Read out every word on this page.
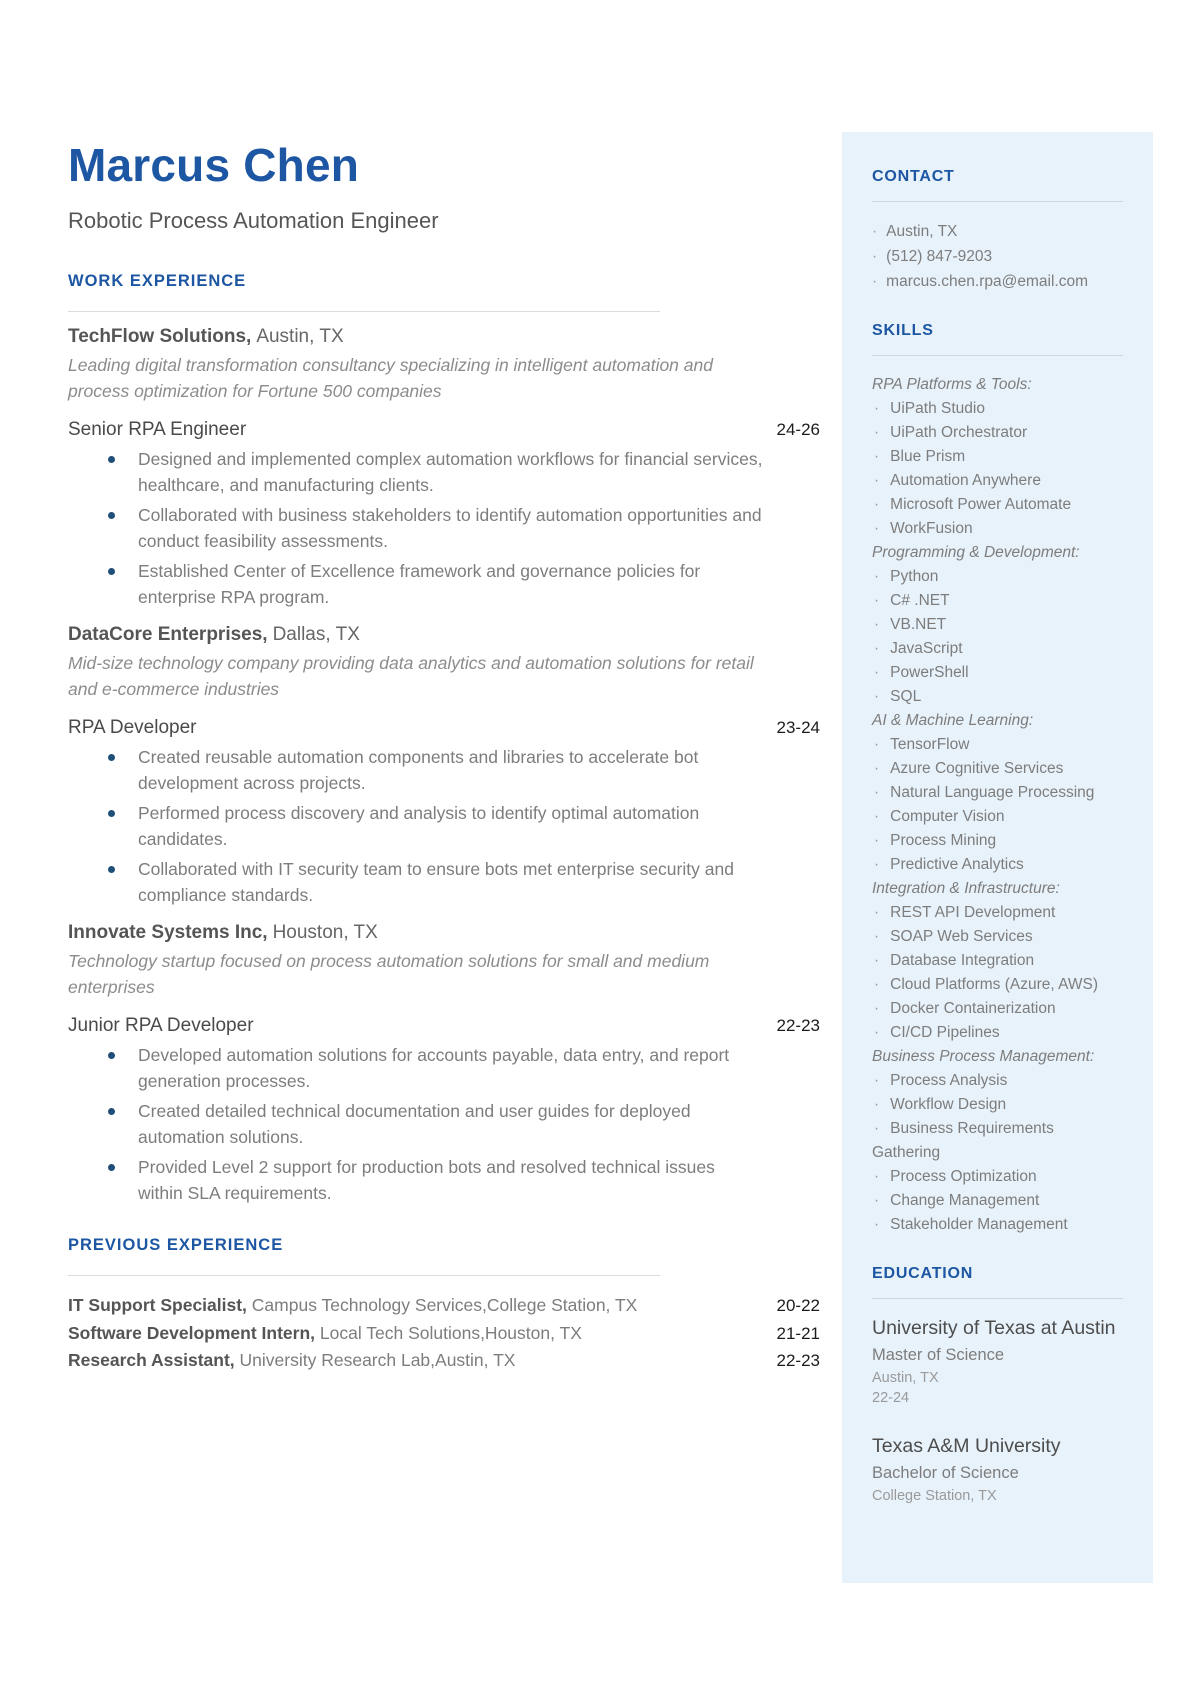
Marcus Chen
Robotic Process Automation Engineer
WORK EXPERIENCE
TechFlow Solutions, Austin, TX

Leading digital transformation consultancy specializing in intelligent automation and process optimization for Fortune 500 companies

Senior RPA Engineer	24-26
Designed and implemented complex automation workflows for financial services, healthcare, and manufacturing clients.
Collaborated with business stakeholders to identify automation opportunities and conduct feasibility assessments.
Established Center of Excellence framework and governance policies for enterprise RPA program.
DataCore Enterprises, Dallas, TX

Mid-size technology company providing data analytics and automation solutions for retail and e-commerce industries

RPA Developer	23-24
Created reusable automation components and libraries to accelerate bot development across projects.
Performed process discovery and analysis to identify optimal automation candidates.
Collaborated with IT security team to ensure bots met enterprise security and compliance standards.
Innovate Systems Inc, Houston, TX

Technology startup focused on process automation solutions for small and medium enterprises

Junior RPA Developer	22-23
Developed automation solutions for accounts payable, data entry, and report generation processes.
Created detailed technical documentation and user guides for deployed automation solutions.
Provided Level 2 support for production bots and resolved technical issues within SLA requirements.
PREVIOUS EXPERIENCE
IT Support Specialist, Campus Technology Services,College Station, TX	20-22
Software Development Intern, Local Tech Solutions,Houston, TX	21-21
Research Assistant, University Research Lab,Austin, TX	22-23
CONTACT
· Austin, TX
· (512) 847-9203
· marcus.chen.rpa@email.com
SKILLS
RPA Platforms & Tools:
· UiPath Studio
· UiPath Orchestrator
· Blue Prism
· Automation Anywhere
· Microsoft Power Automate
· WorkFusion
Programming & Development:
· Python
· C# .NET
· VB.NET
· JavaScript
· PowerShell
· SQL
AI & Machine Learning:
· TensorFlow
· Azure Cognitive Services
· Natural Language Processing
· Computer Vision
· Process Mining
· Predictive Analytics
Integration & Infrastructure:
· REST API Development
· SOAP Web Services
· Database Integration
· Cloud Platforms (Azure, AWS)
· Docker Containerization
· CI/CD Pipelines
Business Process Management:
· Process Analysis
· Workflow Design
· Business Requirements Gathering
· Process Optimization
· Change Management
· Stakeholder Management
EDUCATION
University of Texas at Austin
Master of Science
Austin, TX
22-24
Texas A&M University
Bachelor of Science
College Station, TX
